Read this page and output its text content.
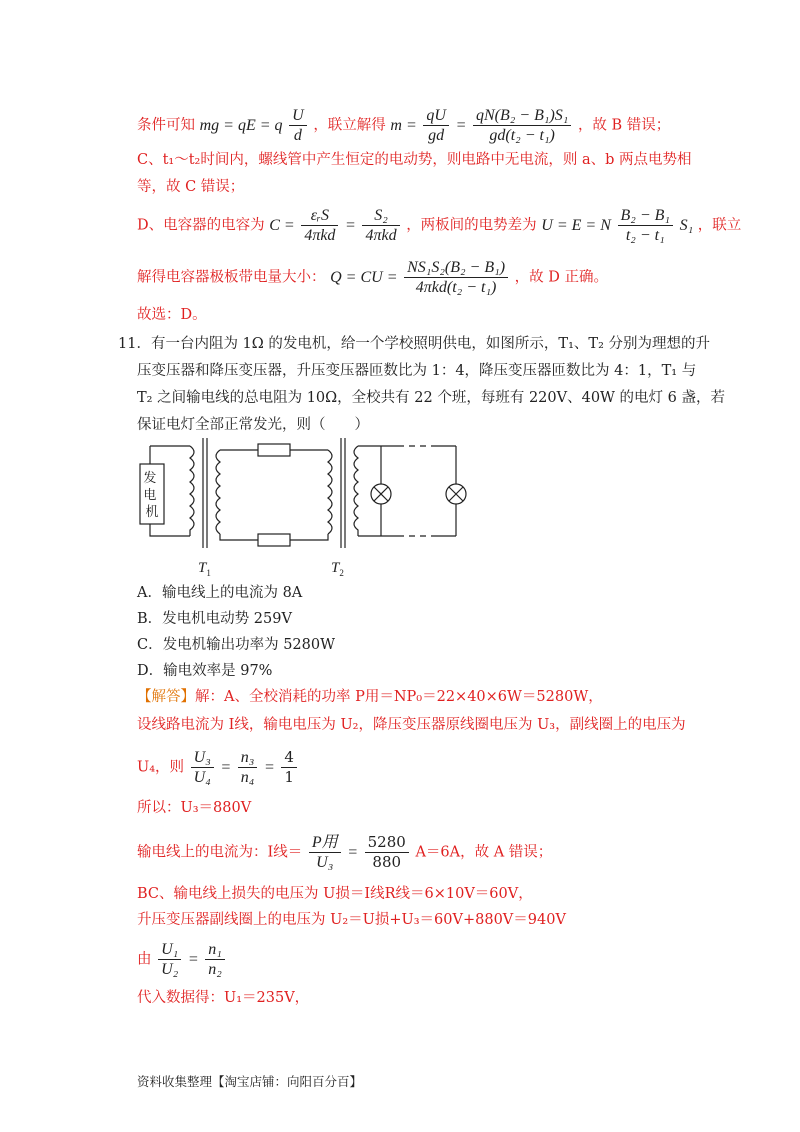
条件可知 mg = qE = q $\frac{U}{d}$ ，联立解得 $m = \frac{qU}{gd} = \frac{\text{qN(B₂ − B₁)S₁}}{\text{gd(t₂ − t₁)}}$ ，故 B 错误；
C、t₁～t₂时间内，螺线管中产生恒定的电动势，则电路中无电流，则 a、b 两点电势相
等，故 C 错误；
D、电容器的电容为 $C = \frac{\text{εᵣS}}{\text{4πkd}} = \frac{\text{S₂}}{\text{4πkd}}$ ，两板间的电势差为 U = E = N $\frac{\text{B₂ − B₁}}{\text{t₂ − t₁}} S_1$ ，联立
解得电容器极板带电量大小： Q = CU = $\frac{\text{NS₁S₂(B₂ − B₁)}}{\text{4πkd(t₂ − t₁)}}$ ，故 D 正确。
故选：D。
11．有一台内阻为 1Ω 的发电机，给一个学校照明供电，如图所示，T₁、T₂ 分别为理想的升
压变压器和降压变压器，升压变压器匝数比为 1：4，降压变压器匝数比为 4：1，T₁ 与
T₂ 之间输电线的总电阻为 10Ω，全校共有 22 个班，每班有 220V、40W 的电灯 6 盏，若
保证电灯全部正常发光，则（　　）
发 电 机
$T_1$	$T_2$
A．输电线上的电流为 8A
B．发电机电动势 259V
C．发电机输出功率为 5280W
D．输电效率是 97%
【解答】解：A、全校消耗的功率 P用＝NP₀＝22×40×6W＝5280W，
设线路电流为 I线，输电电压为 U₂，降压变压器原线圈电压为 U₃，副线圈上的电压为
U₄，则 $\frac{\text{U₃}}{\text{U₄}} = \frac{\text{n₃}}{\text{n₄}} = \frac{4}{1}$
所以：U₃＝880V
输电线上的电流为：I线＝ $\frac{\text{P用}}{\text{U₃}} = \frac{5280}{880} A=6A$，故 A 错误；
BC、输电线上损失的电压为 U损＝I线R线＝6×10V＝60V，
升压变压器副线圈上的电压为 U₂＝U损+U₃＝60V+880V＝940V
由 $\frac{\text{U₁}}{\text{U₂}} = \frac{\text{n₁}}{\text{n₂}}$
代入数据得：U₁＝235V，
资料收集整理【淘宝店铺：向阳百分百】
